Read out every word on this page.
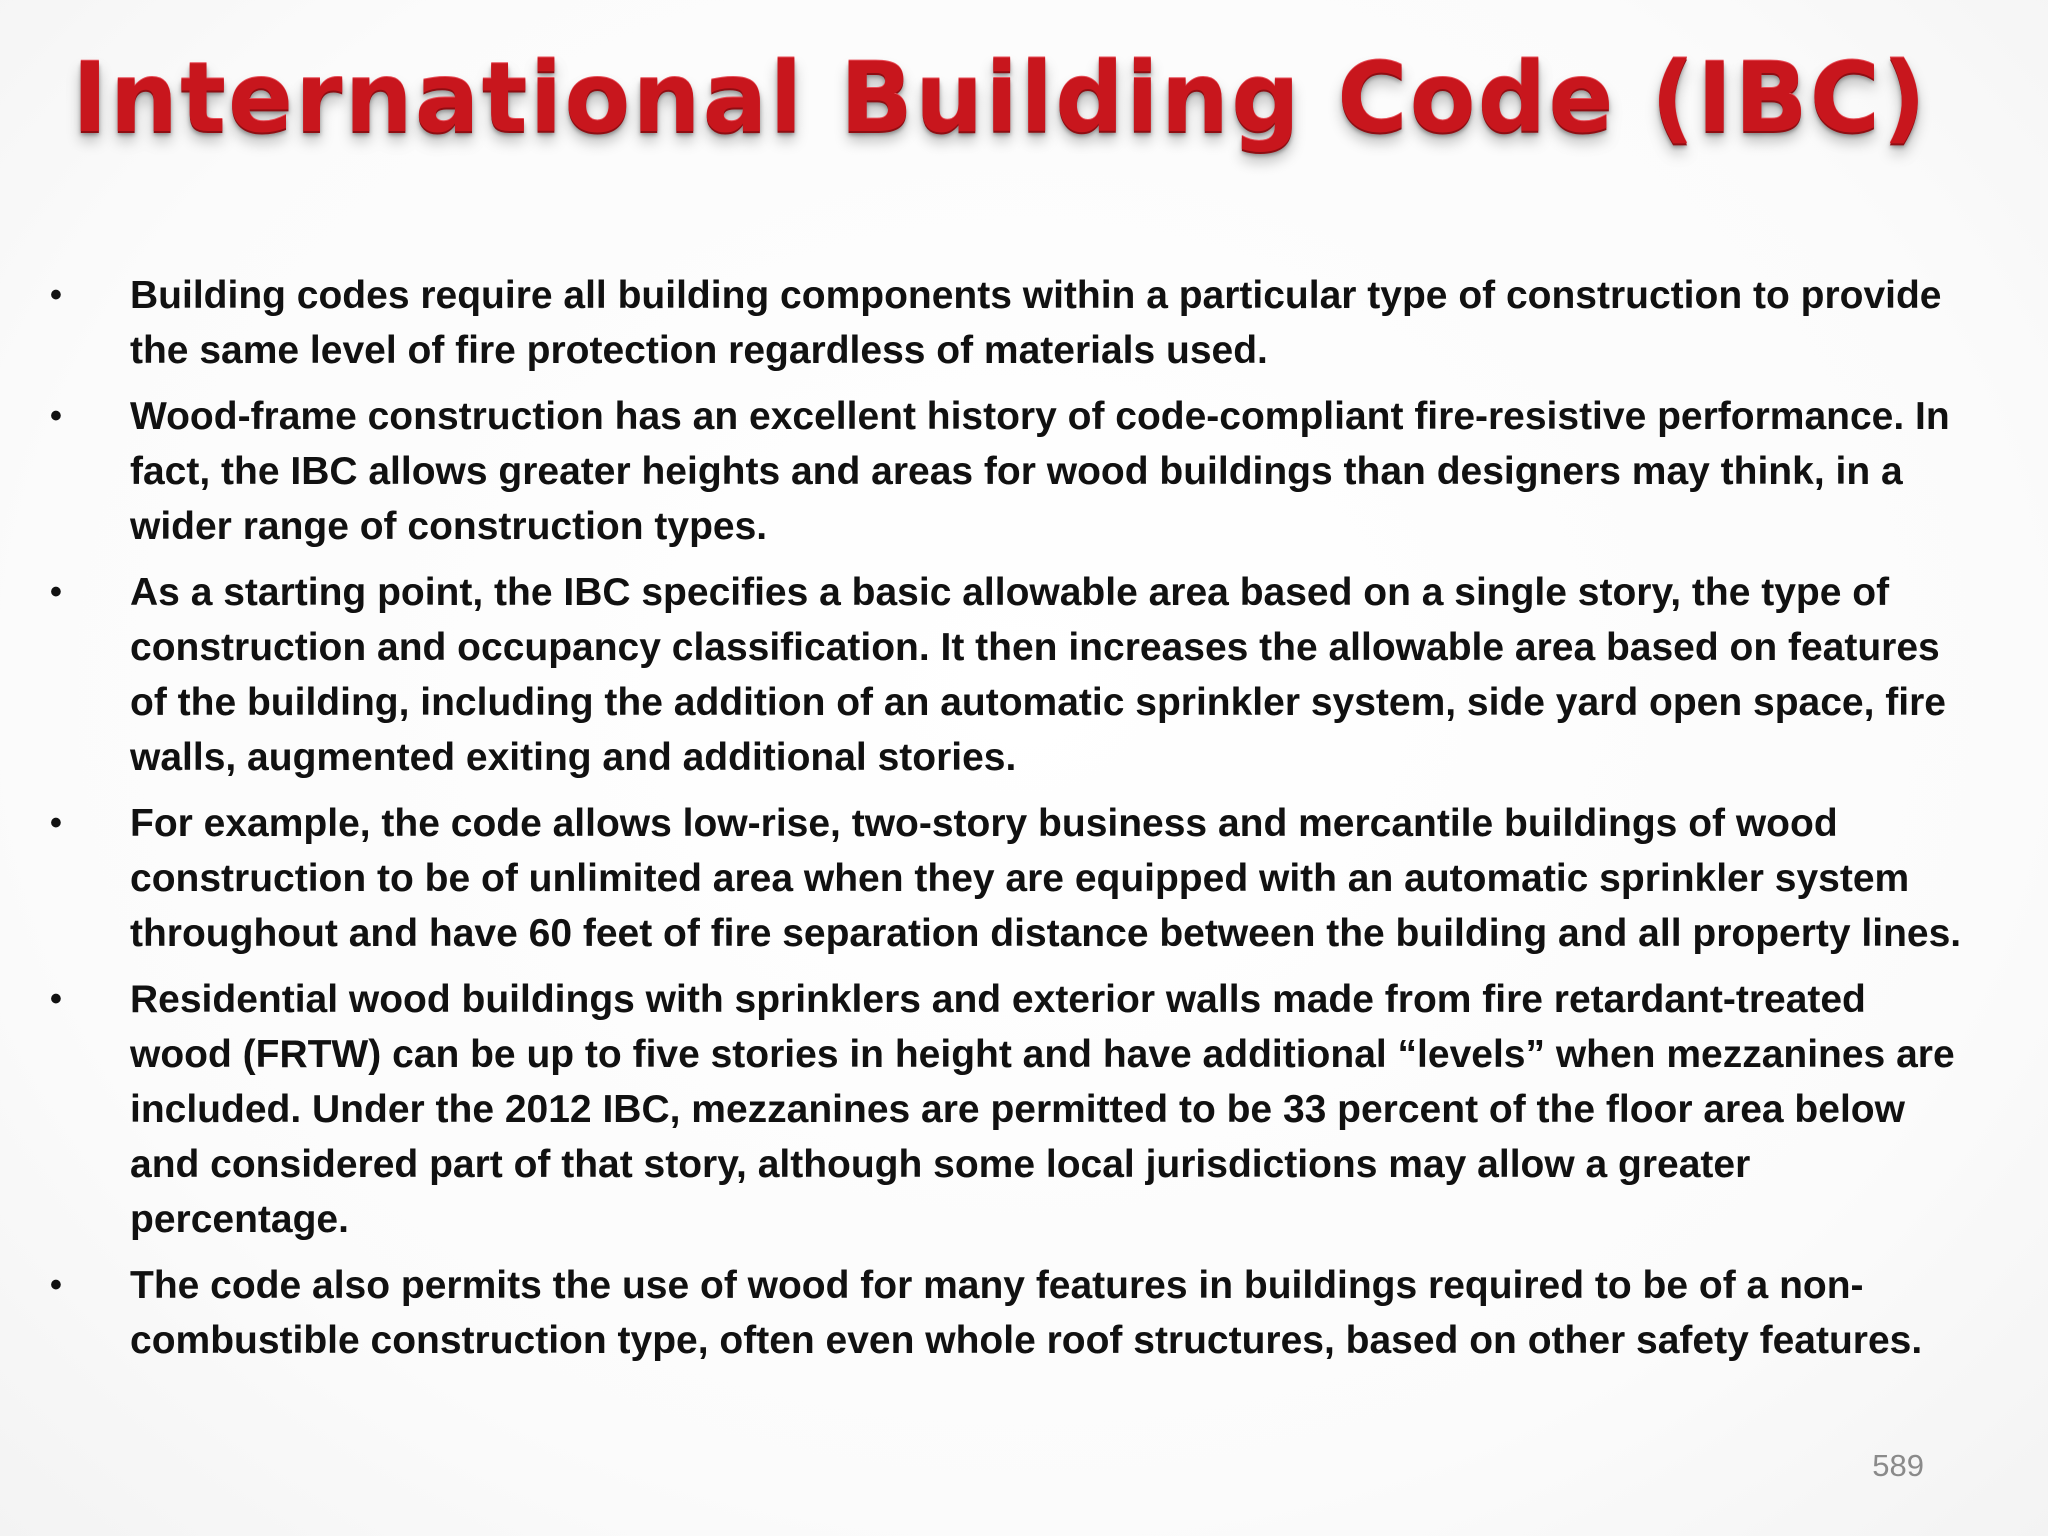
International Building Code (IBC)
•	Building codes require all building components within a particular type of construction to provide the same level of fire protection regardless of materials used.
•	Wood-frame construction has an excellent history of code-compliant fire-resistive performance. In fact, the IBC allows greater heights and areas for wood buildings than designers may think, in a wider range of construction types.
•	As a starting point, the IBC specifies a basic allowable area based on a single story, the type of construction and occupancy classification. It then increases the allowable area based on features of the building, including the addition of an automatic sprinkler system, side yard open space, fire walls, augmented exiting and additional stories.
•	For example, the code allows low-rise, two-story business and mercantile buildings of wood construction to be of unlimited area when they are equipped with an automatic sprinkler system throughout and have 60 feet of fire separation distance between the building and all property lines.
•	Residential wood buildings with sprinklers and exterior walls made from fire retardant-treated wood (FRTW) can be up to five stories in height and have additional “levels” when mezzanines are included. Under the 2012 IBC, mezzanines are permitted to be 33 percent of the floor area below and considered part of that story, although some local jurisdictions may allow a greater percentage.
•	The code also permits the use of wood for many features in buildings required to be of a non-combustible construction type, often even whole roof structures, based on other safety features.
589
